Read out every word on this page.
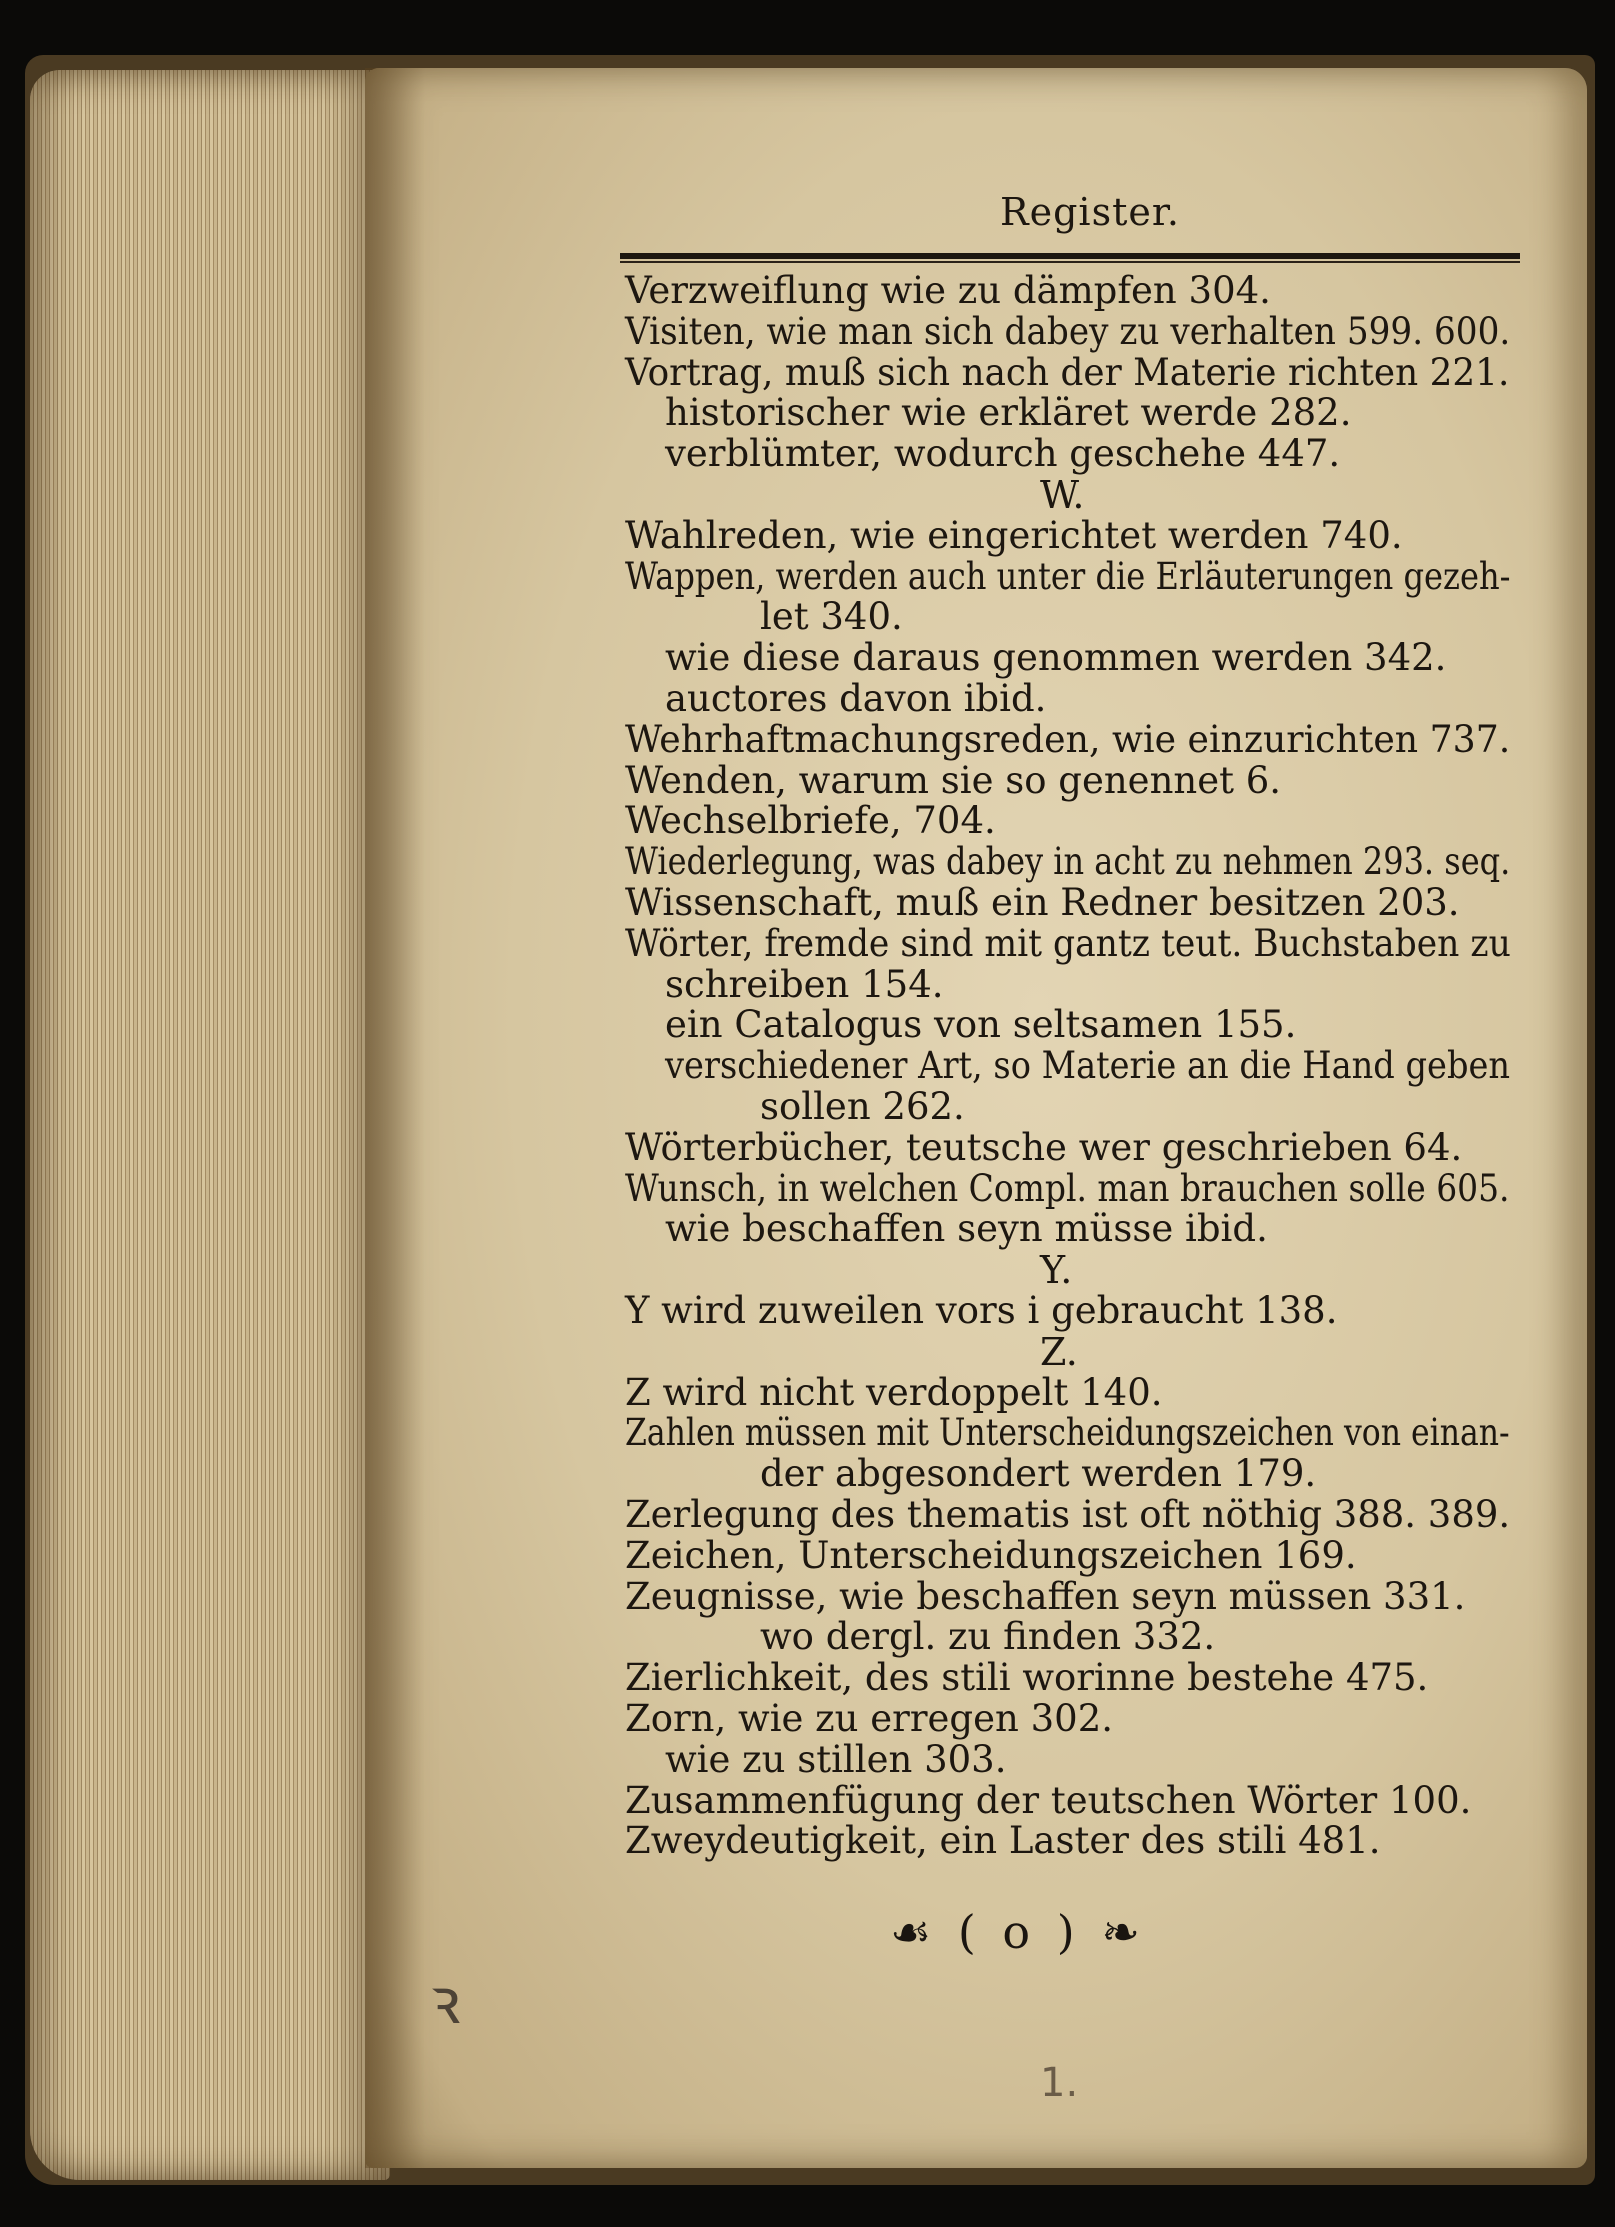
Register.
Verzweiflung wie zu dämpfen 304.
Visiten, wie man sich dabey zu verhalten 599. 600.
Vortrag, muß sich nach der Materie richten 221.
historischer wie erkläret werde 282.
verblümter, wodurch geschehe 447.
W.
Wahlreden, wie eingerichtet werden 740.
Wappen, werden auch unter die Erläuterungen gezeh-
let 340.
wie diese daraus genommen werden 342.
auctores davon ibid.
Wehrhaftmachungsreden, wie einzurichten 737.
Wenden, warum sie so genennet 6.
Wechselbriefe, 704.
Wiederlegung, was dabey in acht zu nehmen 293. seq.
Wissenschaft, muß ein Redner besitzen 203.
Wörter, fremde sind mit gantz teut. Buchstaben zu
schreiben 154.
ein Catalogus von seltsamen 155.
verschiedener Art, so Materie an die Hand geben
sollen 262.
Wörterbücher, teutsche wer geschrieben 64.
Wunsch, in welchen Compl. man brauchen solle 605.
wie beschaffen seyn müsse ibid.
Y.
Y wird zuweilen vors i gebraucht 138.
Z.
Z wird nicht verdoppelt 140.
Zahlen müssen mit Unterscheidungszeichen von einan-
der abgesondert werden 179.
Zerlegung des thematis ist oft nöthig 388. 389.
Zeichen, Unterscheidungszeichen 169.
Zeugnisse, wie beschaffen seyn müssen 331.
wo dergl. zu finden 332.
Zierlichkeit, des stili worinne bestehe 475.
Zorn, wie zu erregen 302.
wie zu stillen 303.
Zusammenfügung der teutschen Wörter 100.
Zweydeutigkeit, ein Laster des stili 481.
☙ ( o ) ❧
ꝛ
1.
